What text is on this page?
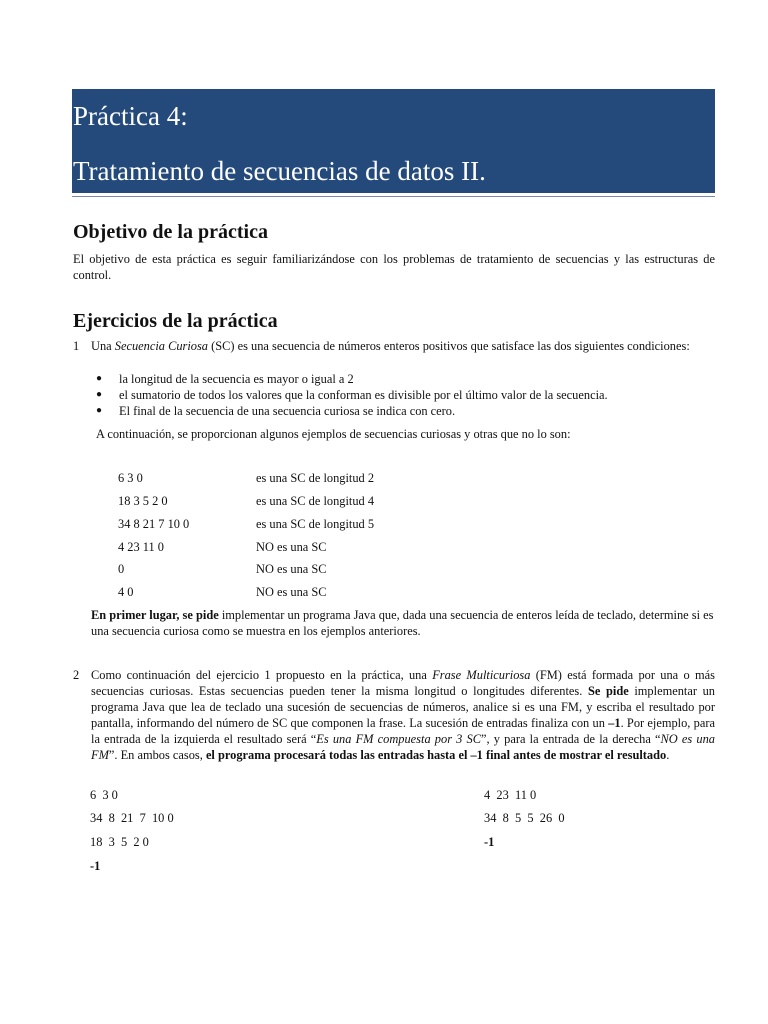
Práctica 4:
Tratamiento de secuencias de datos II.
Objetivo de la práctica
El objetivo de esta práctica es seguir familiarizándose con los problemas de tratamiento de secuencias y las estructuras de control.
Ejercicios de la práctica
1 Una Secuencia Curiosa (SC) es una secuencia de números enteros positivos que satisface las dos siguientes condiciones:
● la longitud de la secuencia es mayor o igual a 2
● el sumatorio de todos los valores que la conforman es divisible por el último valor de la secuencia.
● El final de la secuencia de una secuencia curiosa se indica con cero.
A continuación, se proporcionan algunos ejemplos de secuencias curiosas y otras que no lo son:
6 3 0	es una SC de longitud 2
18 3 5 2 0	es una SC de longitud 4
34 8 21 7 10 0	es una SC de longitud 5
4 23 11 0	NO es una SC
0	NO es una SC
4 0	NO es una SC
En primer lugar, se pide implementar un programa Java que, dada una secuencia de enteros leída de teclado, determine si es una secuencia curiosa como se muestra en los ejemplos anteriores.
2 Como continuación del ejercicio 1 propuesto en la práctica, una Frase Multicuriosa (FM) está formada por una o más secuencias curiosas. Estas secuencias pueden tener la misma longitud o longitudes diferentes. Se pide implementar un programa Java que lea de teclado una sucesión de secuencias de números, analice si es una FM, y escriba el resultado por pantalla, informando del número de SC que componen la frase. La sucesión de entradas finaliza con un –1. Por ejemplo, para la entrada de la izquierda el resultado será “Es una FM compuesta por 3 SC”, y para la entrada de la derecha “NO es una FM”. En ambos casos, el programa procesará todas las entradas hasta el –1 final antes de mostrar el resultado.
6  3 0
34  8  21  7  10 0
18  3  5  2 0
-1
4  23  11 0
34  8  5  5  26  0
-1
